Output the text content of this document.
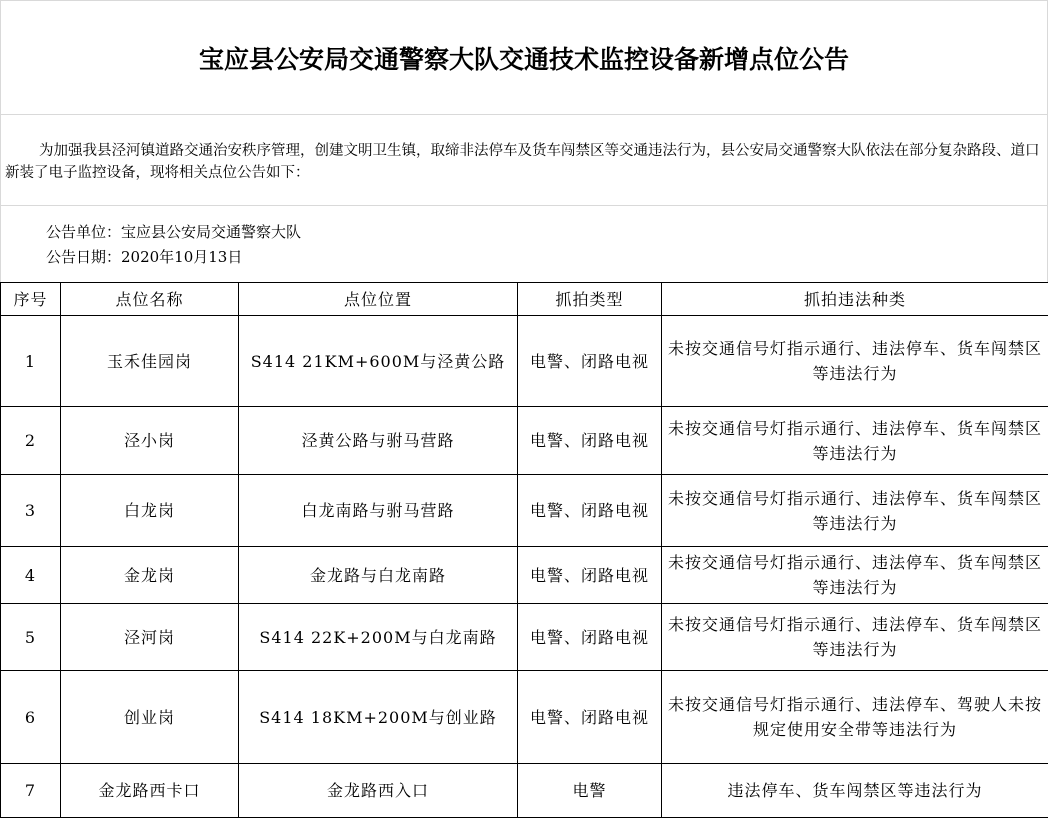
宝应县公安局交通警察大队交通技术监控设备新增点位公告
为加强我县泾河镇道路交通治安秩序管理，创建文明卫生镇，取缔非法停车及货车闯禁区等交通违法行为，县公安局交通警察大队依法在部分复杂路段、道口新装了电子监控设备，现将相关点位公告如下：
公告单位：宝应县公安局交通警察大队
公告日期：2020年10月13日
序号	点位名称	点位位置	抓拍类型	抓拍违法种类
1	玉禾佳园岗	S414 21KM+600M与泾黄公路	电警、闭路电视	未按交通信号灯指示通行、违法停车、货车闯禁区等违法行为
2	泾小岗	泾黄公路与驸马营路	电警、闭路电视	未按交通信号灯指示通行、违法停车、货车闯禁区等违法行为
3	白龙岗	白龙南路与驸马营路	电警、闭路电视	未按交通信号灯指示通行、违法停车、货车闯禁区等违法行为
4	金龙岗	金龙路与白龙南路	电警、闭路电视	未按交通信号灯指示通行、违法停车、货车闯禁区等违法行为
5	泾河岗	S414 22K+200M与白龙南路	电警、闭路电视	未按交通信号灯指示通行、违法停车、货车闯禁区等违法行为
6	创业岗	S414 18KM+200M与创业路	电警、闭路电视	未按交通信号灯指示通行、违法停车、驾驶人未按规定使用安全带等违法行为
7	金龙路西卡口	金龙路西入口	电警	违法停车、货车闯禁区等违法行为
